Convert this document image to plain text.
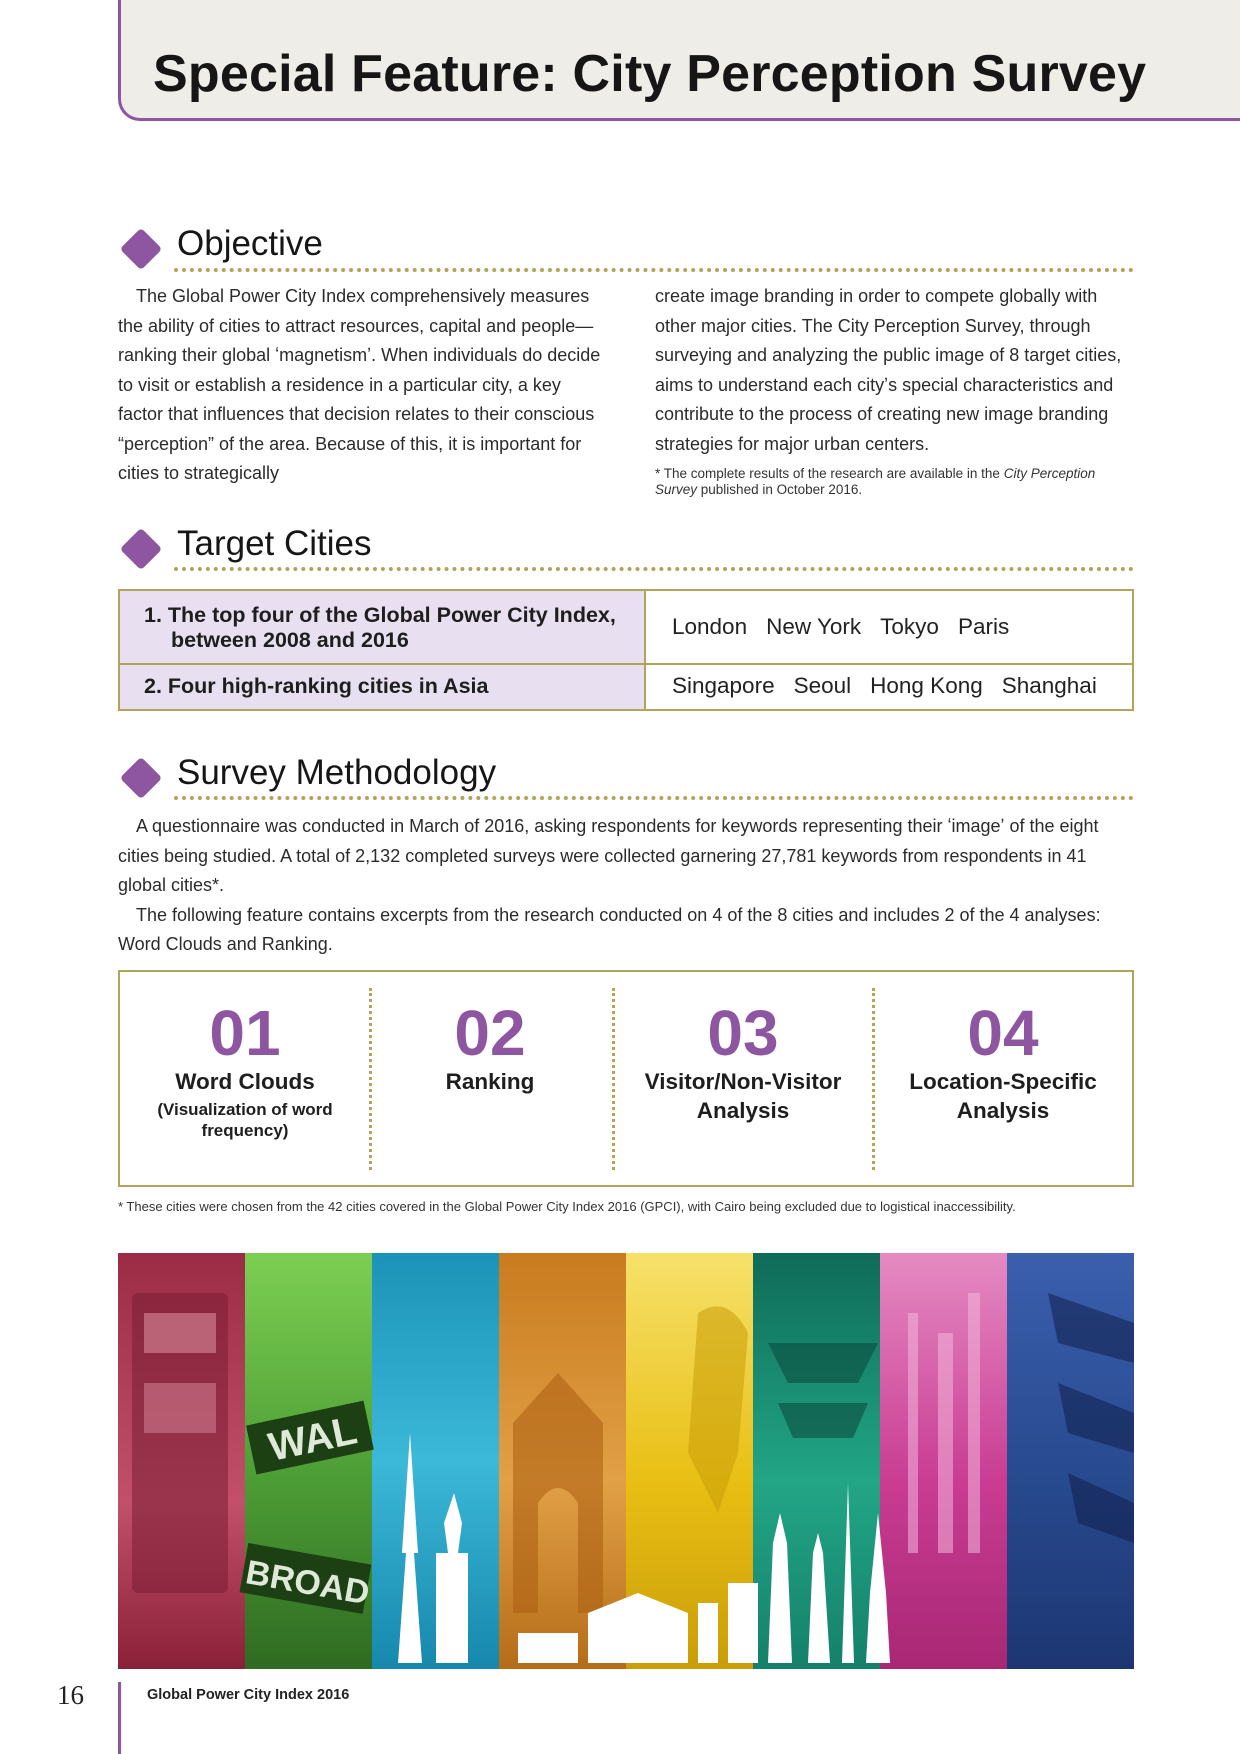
Special Feature: City Perception Survey
Objective

The Global Power City Index comprehensively measures the ability of cities to attract resources, capital and people—ranking their global ʻmagnetismʼ. When individuals do decide to visit or establish a residence in a particular city, a key factor that influences that decision relates to their conscious “perception” of the area. Because of this, it is important for cities to strategically

create image branding in order to compete globally with other major cities. The City Perception Survey, through surveying and analyzing the public image of 8 target cities, aims to understand each cityʼs special characteristics and contribute to the process of creating new image branding strategies for major urban centers.

* The complete results of the research are available in the City Perception Survey published in October 2016.
Target Cities
1. The top four of the Global Power City Index,
between 2008 and 2016
London New York Tokyo Paris
2. Four high-ranking cities in Asia	Singapore Seoul Hong Kong Shanghai
Survey Methodology

A questionnaire was conducted in March of 2016, asking respondents for keywords representing their ʻimageʼ of the eight cities being studied. A total of 2,132 completed surveys were collected garnering 27,781 keywords from respondents in 41 global cities*.

The following feature contains excerpts from the research conducted on 4 of the 8 cities and includes 2 of the 4 analyses: Word Clouds and Ranking.

01
Word Clouds
(Visualization of word
frequency)
02
Ranking
03
Visitor/Non-Visitor
Analysis
04
Location-Specific
Analysis
* These cities were chosen from the 42 cities covered in the Global Power City Index 2016 (GPCI), with Cairo being excluded due to logistical inaccessibility.
WAL
BROAD
16	Global Power City Index 2016
